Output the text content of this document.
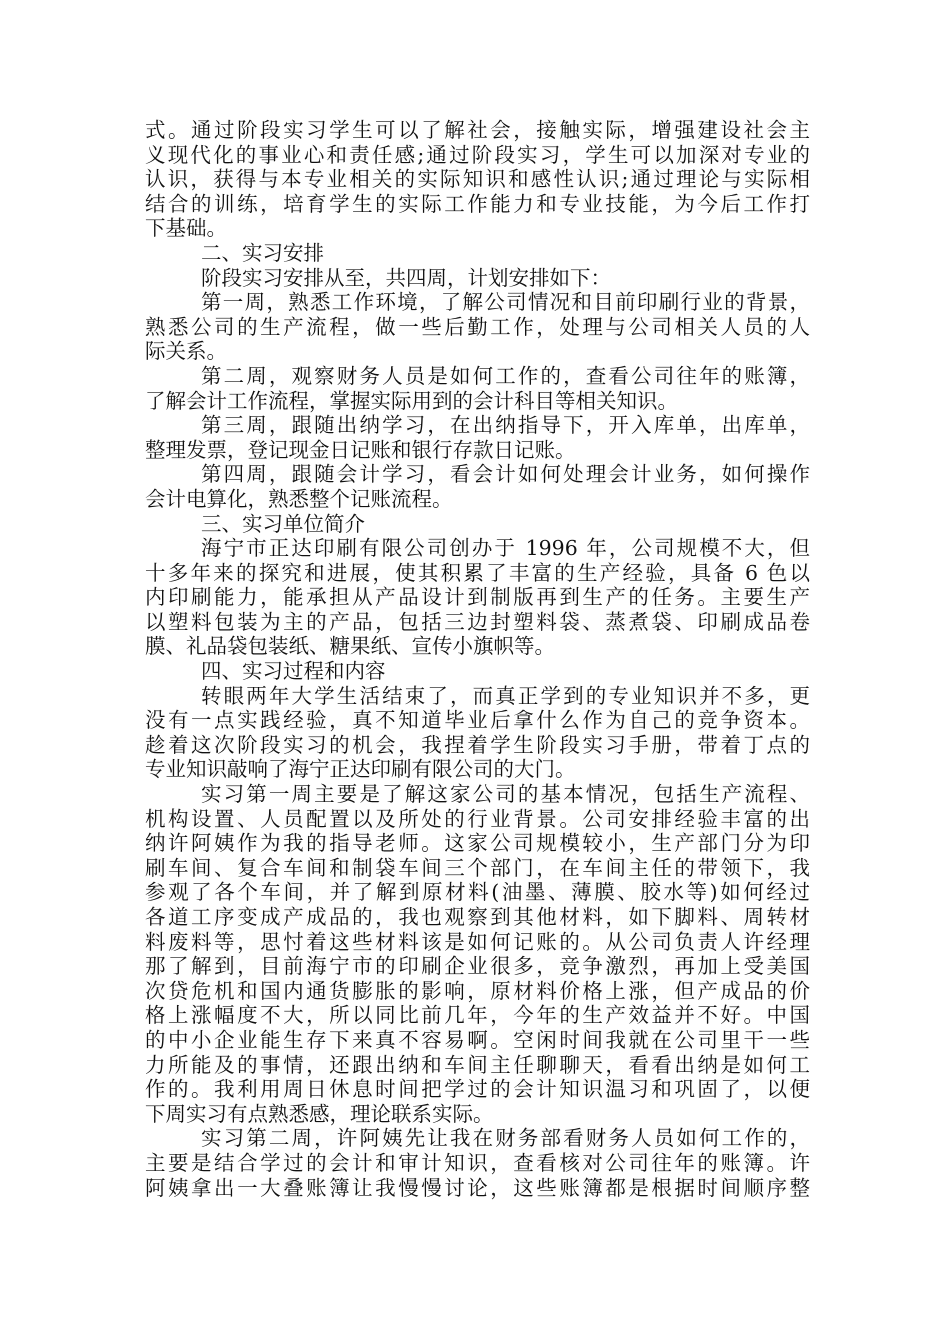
式。通过阶段实习学生可以了解社会，接触实际，增强建设社会主
义现代化的事业心和责任感;通过阶段实习，学生可以加深对专业的
认识，获得与本专业相关的实际知识和感性认识;通过理论与实际相
结合的训练，培育学生的实际工作能力和专业技能，为今后工作打
下基础。
二、实习安排
阶段实习安排从至，共四周，计划安排如下：
第一周，熟悉工作环境，了解公司情况和目前印刷行业的背景，
熟悉公司的生产流程，做一些后勤工作，处理与公司相关人员的人
际关系。
第二周，观察财务人员是如何工作的，查看公司往年的账簿，
了解会计工作流程，掌握实际用到的会计科目等相关知识。
第三周，跟随出纳学习，在出纳指导下，开入库单，出库单，
整理发票，登记现金日记账和银行存款日记账。
第四周，跟随会计学习，看会计如何处理会计业务，如何操作
会计电算化，熟悉整个记账流程。
三、实习单位简介
海宁市正达印刷有限公司创办于 1996 年，公司规模不大，但
十多年来的探究和进展，使其积累了丰富的生产经验，具备 6 色以
内印刷能力，能承担从产品设计到制版再到生产的任务。主要生产
以塑料包装为主的产品，包括三边封塑料袋、蒸煮袋、印刷成品卷
膜、礼品袋包装纸、糖果纸、宣传小旗帜等。
四、实习过程和内容
转眼两年大学生活结束了，而真正学到的专业知识并不多，更
没有一点实践经验，真不知道毕业后拿什么作为自己的竞争资本。
趁着这次阶段实习的机会，我捏着学生阶段实习手册，带着丁点的
专业知识敲响了海宁正达印刷有限公司的大门。
实习第一周主要是了解这家公司的基本情况，包括生产流程、
机构设置、人员配置以及所处的行业背景。公司安排经验丰富的出
纳许阿姨作为我的指导老师。这家公司规模较小，生产部门分为印
刷车间、复合车间和制袋车间三个部门，在车间主任的带领下，我
参观了各个车间，并了解到原材料(油墨、薄膜、胶水等)如何经过
各道工序变成产成品的，我也观察到其他材料，如下脚料、周转材
料废料等，思忖着这些材料该是如何记账的。从公司负责人许经理
那了解到，目前海宁市的印刷企业很多，竞争激烈，再加上受美国
次贷危机和国内通货膨胀的影响，原材料价格上涨，但产成品的价
格上涨幅度不大，所以同比前几年，今年的生产效益并不好。中国
的中小企业能生存下来真不容易啊。空闲时间我就在公司里干一些
力所能及的事情，还跟出纳和车间主任聊聊天，看看出纳是如何工
作的。我利用周日休息时间把学过的会计知识温习和巩固了，以便
下周实习有点熟悉感，理论联系实际。
实习第二周，许阿姨先让我在财务部看财务人员如何工作的，
主要是结合学过的会计和审计知识，查看核对公司往年的账簿。许
阿姨拿出一大叠账簿让我慢慢讨论，这些账簿都是根据时间顺序整
